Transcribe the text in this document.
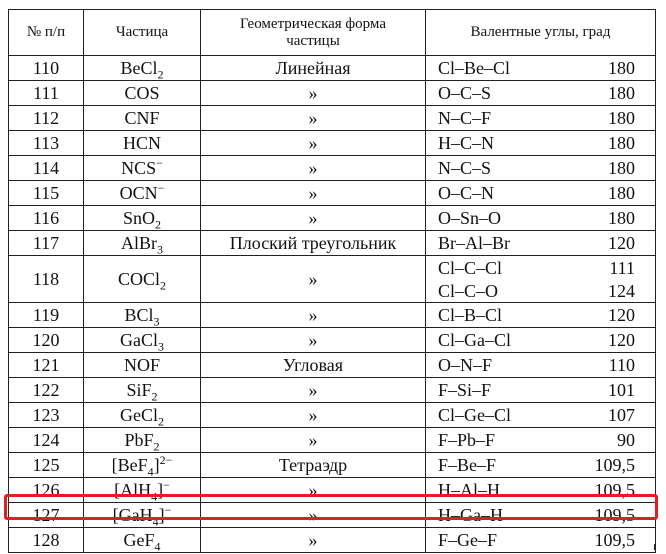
№ п/п	Частица	Геометрическая форма частицы	Валентные углы, град
110	BeCl$_2$	Линейная	Cl–Be–Cl 180

111	COS	»	O–C–S 180

112	CNF	»	N–C–F 180

113	HCN	»	H–C–N 180

114	NCS−	»	N–C–S 180

115	OCN−	»	O–C–N 180

116	SnO$_2$	»	O–Sn–O 180

117	AlBr$_3$	Плоский треугольник	Br–Al–Br 120

118	COCl$_2$	»	Cl–C–Cl 111
Cl–C–O 124

119	BCl$_3$	»	Cl–B–Cl 120

120	GaCl$_3$	»	Cl–Ga–Cl 120

121	NOF	Угловая	O–N–F 110

122	SiF$_2$	»	F–Si–F 101

123	GeCl$_2$	»	Cl–Ge–Cl 107

124	PbF$_2$	»	F–Pb–F 90

125	$[BeF_4]^{2-}$	Тетраэдр	F–Be–F 109,5

126	[AlH$_4$]−	»	H–Al–H 109,5

127	[GaH$_4$]−	»	H–Ga–H 109,5

128	GeF$_4$	»	F–Ge–F 109,5
